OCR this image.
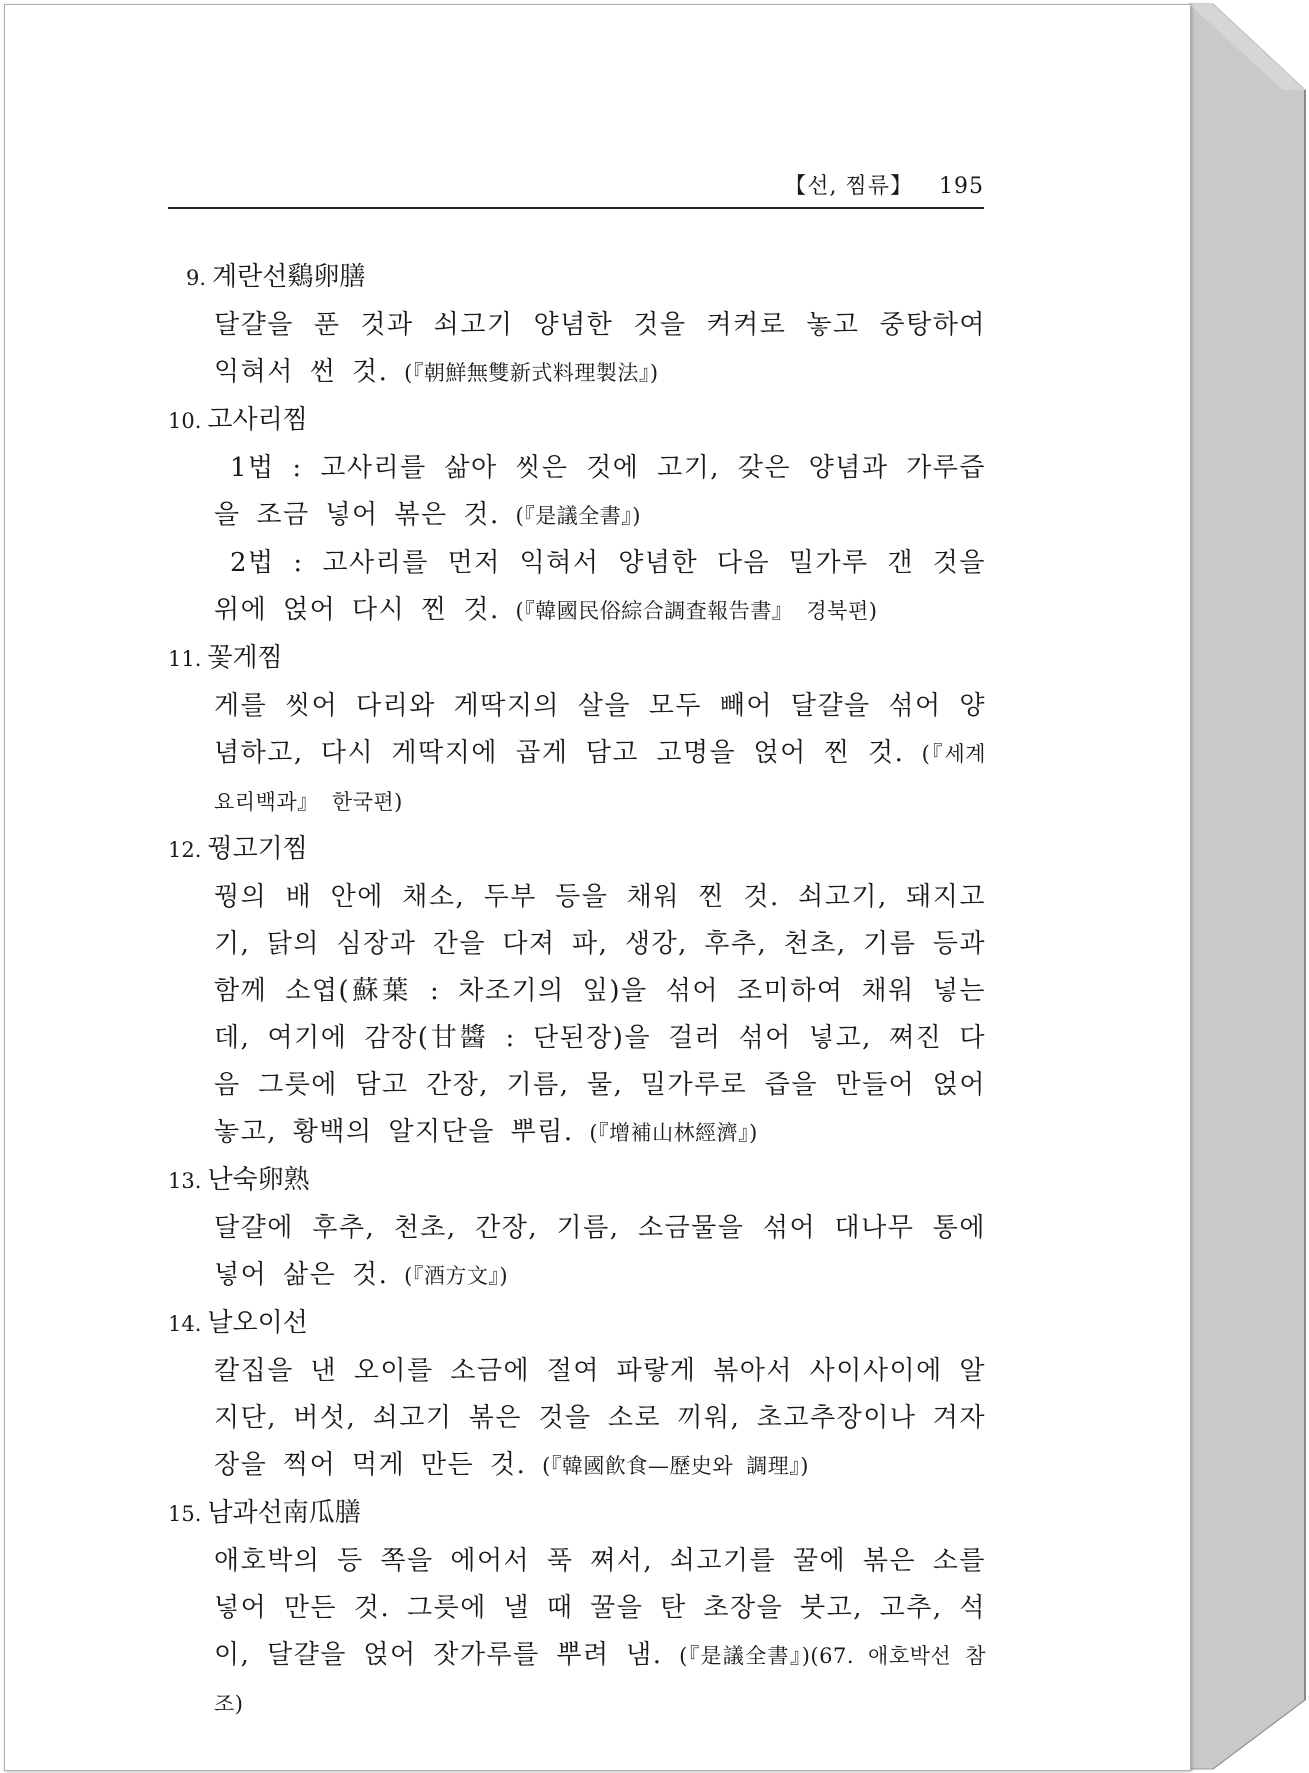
【선, 찜류】 195
9. 계란선鷄卵膳
달걀을 푼 것과 쇠고기 양념한 것을 켜켜로 놓고 중탕하여 익혀서 썬 것. (『朝鮮無雙新式料理製法』)
10. 고사리찜
1법 : 고사리를 삶아 씻은 것에 고기, 갖은 양념과 가루즙을 조금 넣어 볶은 것. (『是議全書』)
2법 : 고사리를 먼저 익혀서 양념한 다음 밀가루 갠 것을 위에 얹어 다시 찐 것. (『韓國民俗綜合調査報告書』 경북편)
11. 꽃게찜
게를 씻어 다리와 게딱지의 살을 모두 빼어 달걀을 섞어 양념하고, 다시 게딱지에 곱게 담고 고명을 얹어 찐 것. (『세계요리백과』 한국편)
12. 꿩고기찜
꿩의 배 안에 채소, 두부 등을 채워 찐 것. 쇠고기, 돼지고기, 닭의 심장과 간을 다져 파, 생강, 후추, 천초, 기름 등과 함께 소엽(蘇葉 : 차조기의 잎)을 섞어 조미하여 채워 넣는데, 여기에 감장(甘醬 : 단된장)을 걸러 섞어 넣고, 쪄진 다음 그릇에 담고 간장, 기름, 물, 밀가루로 즙을 만들어 얹어 놓고, 황백의 알지단을 뿌림. (『增補山林經濟』)
13. 난숙卵熟
달걀에 후추, 천초, 간장, 기름, 소금물을 섞어 대나무 통에 넣어 삶은 것. (『酒方文』)
14. 날오이선
칼집을 낸 오이를 소금에 절여 파랗게 볶아서 사이사이에 알지단, 버섯, 쇠고기 볶은 것을 소로 끼워, 초고추장이나 겨자장을 찍어 먹게 만든 것. (『韓國飮食—歷史와 調理』)
15. 남과선南瓜膳
애호박의 등 쪽을 에어서 푹 쪄서, 쇠고기를 꿀에 볶은 소를 넣어 만든 것. 그릇에 낼 때 꿀을 탄 초장을 붓고, 고추, 석이, 달걀을 얹어 잣가루를 뿌려 냄. (『是議全書』)(67. 애호박선 참조)
